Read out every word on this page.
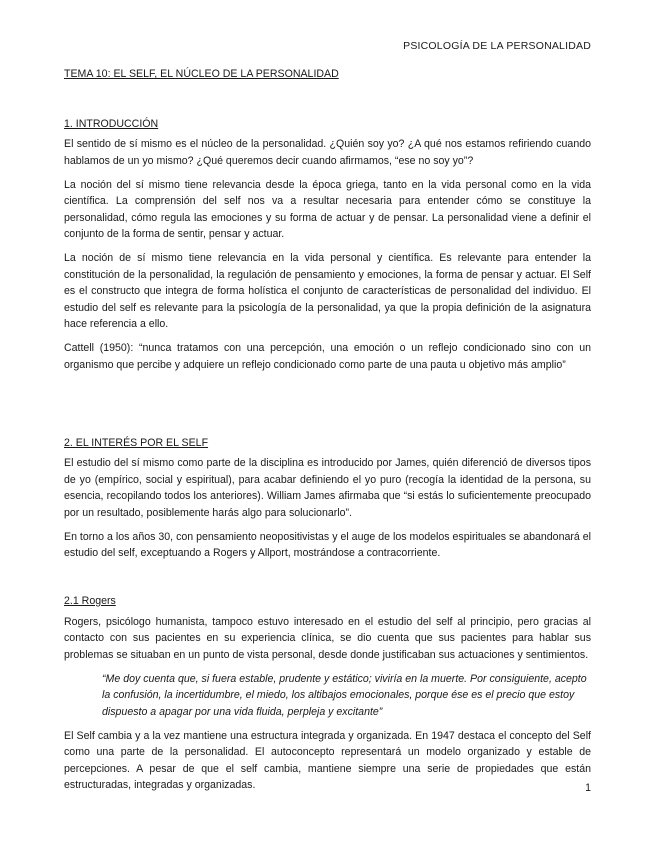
PSICOLOGÍA DE LA PERSONALIDAD
TEMA 10: EL SELF, EL NÚCLEO DE LA PERSONALIDAD
1. INTRODUCCIÓN

El sentido de sí mismo es el núcleo de la personalidad. ¿Quién soy yo? ¿A qué nos estamos refiriendo cuando hablamos de un yo mismo? ¿Qué queremos decir cuando afirmamos, “ese no soy yo”?

La noción del sí mismo tiene relevancia desde la época griega, tanto en la vida personal como en la vida científica. La comprensión del self nos va a resultar necesaria para entender cómo se constituye la personalidad, cómo regula las emociones y su forma de actuar y de pensar. La personalidad viene a definir el conjunto de la forma de sentir, pensar y actuar.

La noción de sí mismo tiene relevancia en la vida personal y científica. Es relevante para entender la constitución de la personalidad, la regulación de pensamiento y emociones, la forma de pensar y actuar. El Self es el constructo que integra de forma holística el conjunto de características de personalidad del individuo. El estudio del self es relevante para la psicología de la personalidad, ya que la propia definición de la asignatura hace referencia a ello.

Cattell (1950): “nunca tratamos con una percepción, una emoción o un reflejo condicionado sino con un organismo que percibe y adquiere un reflejo condicionado como parte de una pauta u objetivo más amplio”

2. EL INTERÉS POR EL SELF

El estudio del sí mismo como parte de la disciplina es introducido por James, quién diferenció de diversos tipos de yo (empírico, social y espiritual), para acabar definiendo el yo puro (recogía la identidad de la persona, su esencia, recopilando todos los anteriores). William James afirmaba que “si estás lo suficientemente preocupado por un resultado, posiblemente harás algo para solucionarlo”.

En torno a los años 30, con pensamiento neopositivistas y el auge de los modelos espirituales se abandonará el estudio del self, exceptuando a Rogers y Allport, mostrándose a contracorriente.

2.1 Rogers

Rogers, psicólogo humanista, tampoco estuvo interesado en el estudio del self al principio, pero gracias al contacto con sus pacientes en su experiencia clínica, se dio cuenta que sus pacientes para hablar sus problemas se situaban en un punto de vista personal, desde donde justificaban sus actuaciones y sentimientos.

“Me doy cuenta que, si fuera estable, prudente y estático; viviría en la muerte. Por consiguiente, acepto la confusión, la incertidumbre, el miedo, los altibajos emocionales, porque ése es el precio que estoy dispuesto a apagar por una vida fluida, perpleja y excitante”

El Self cambia y a la vez mantiene una estructura integrada y organizada. En 1947 destaca el concepto del Self como una parte de la personalidad. El autoconcepto representará un modelo organizado y estable de percepciones. A pesar de que el self cambia, mantiene siempre una serie de propiedades que están estructuradas, integradas y organizadas.	1
